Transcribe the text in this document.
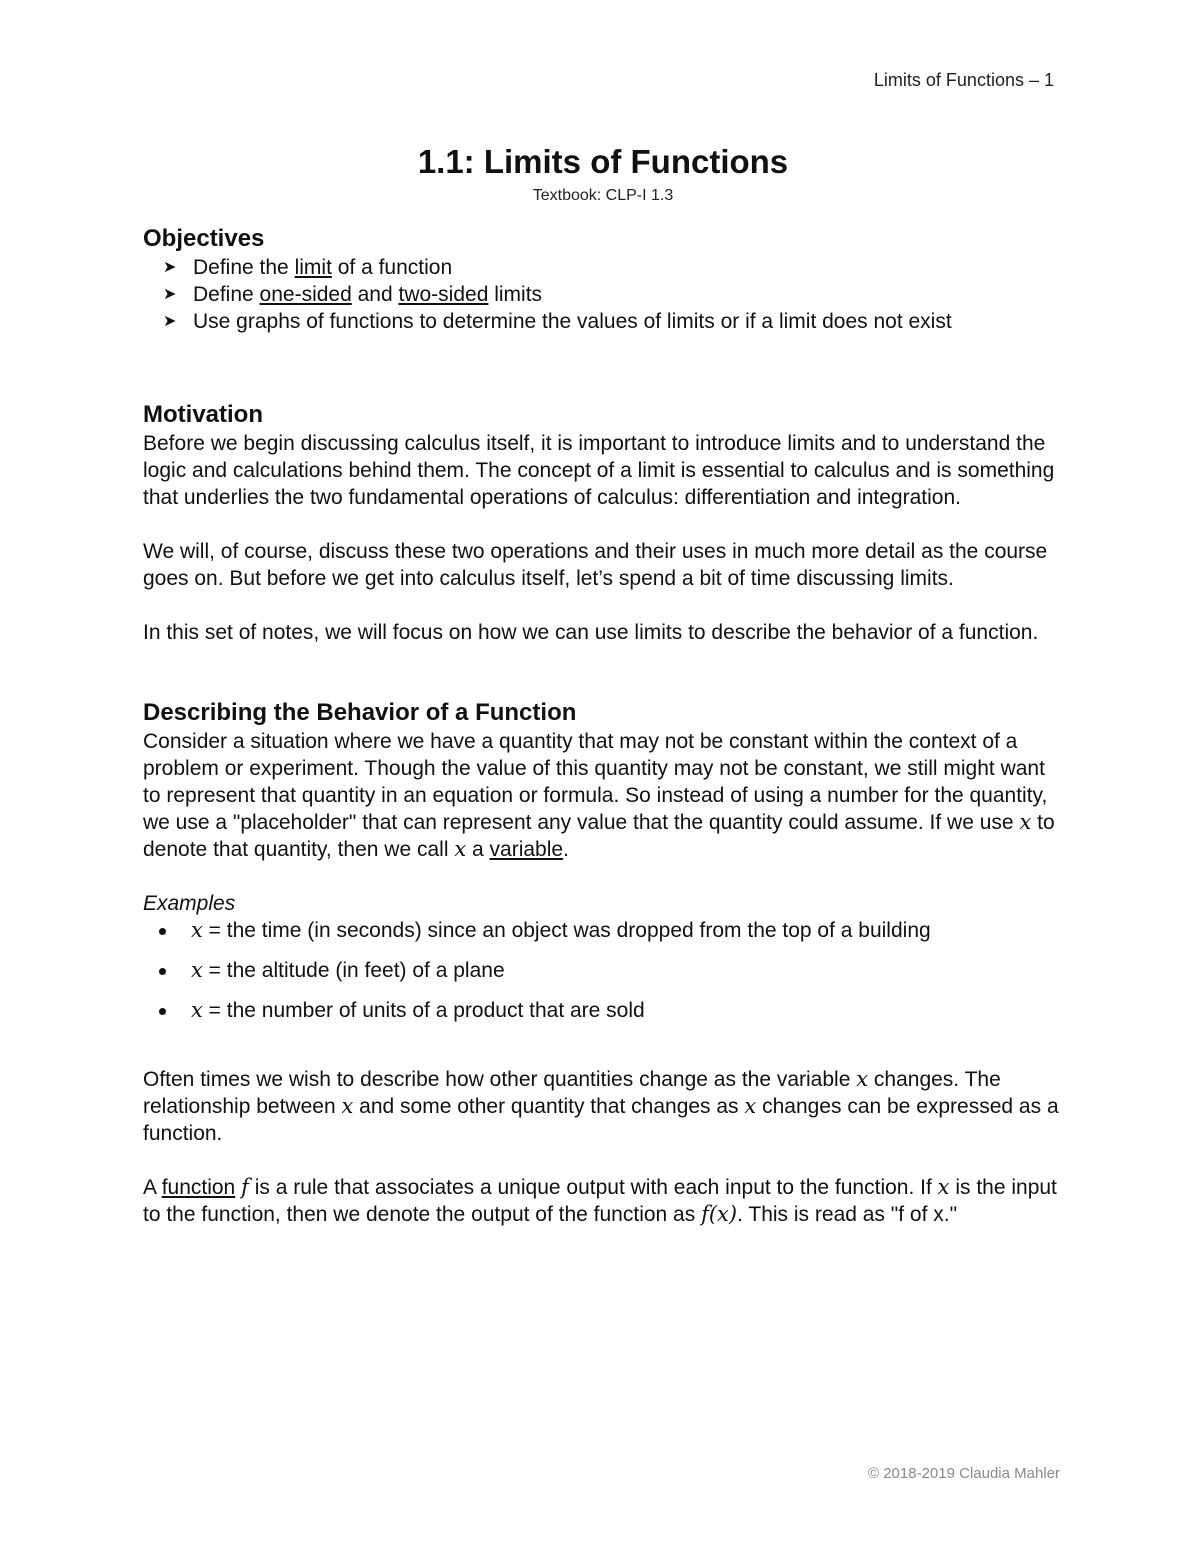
Limits of Functions – 1
1.1: Limits of Functions
Textbook: CLP-I 1.3
Objectives
➤ Define the limit of a function
➤ Define one-sided and two-sided limits
➤ Use graphs of functions to determine the values of limits or if a limit does not exist
Motivation

Before we begin discussing calculus itself, it is important to introduce limits and to understand the logic and calculations behind them. The concept of a limit is essential to calculus and is something that underlies the two fundamental operations of calculus: differentiation and integration.

We will, of course, discuss these two operations and their uses in much more detail as the course goes on. But before we get into calculus itself, let’s spend a bit of time discussing limits.

In this set of notes, we will focus on how we can use limits to describe the behavior of a function.

Describing the Behavior of a Function

Consider a situation where we have a quantity that may not be constant within the context of a problem or experiment. Though the value of this quantity may not be constant, we still might want to represent that quantity in an equation or formula. So instead of using a number for the quantity, we use a "placeholder" that can represent any value that the quantity could assume. If we use x to denote that quantity, then we call x a variable.

Examples

x = the time (in seconds) since an object was dropped from the top of a building
x = the altitude (in feet) of a plane
x = the number of units of a product that are sold

Often times we wish to describe how other quantities change as the variable x changes. The relationship between x and some other quantity that changes as x changes can be expressed as a function.

A function f is a rule that associates a unique output with each input to the function. If x is the input to the function, then we denote the output of the function as f(x). This is read as "f of x."

© 2018-2019 Claudia Mahler
